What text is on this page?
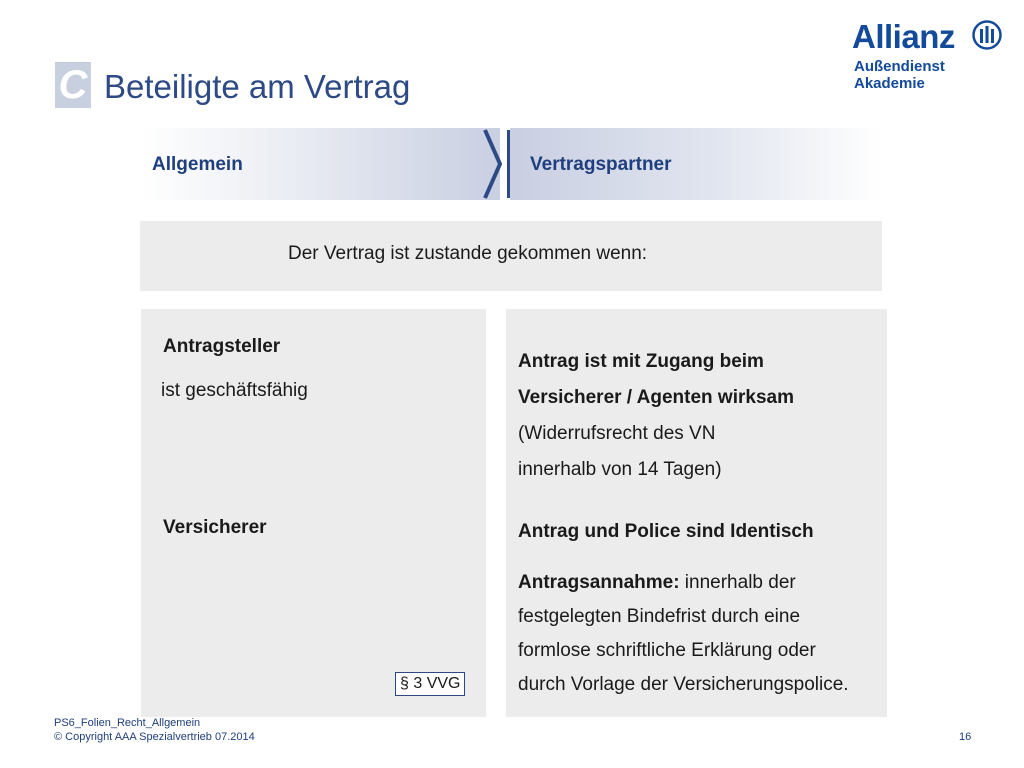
C Beteiligte am Vertrag
Allianz
Außendienst Akademie
Allgemein	Vertragspartner
Der Vertrag ist zustande gekommen wenn:
Antragsteller
ist geschäftsfähig
Versicherer
§ 3 VVG
Antrag ist mit Zugang beim
Versicherer / Agenten wirksam
(Widerrufsrecht des VN
innerhalb von 14 Tagen)
Antrag und Police sind Identisch
Antragsannahme: innerhalb der
festgelegten Bindefrist durch eine
formlose schriftliche Erklärung oder
durch Vorlage der Versicherungspolice.
PS6_Folien_Recht_Allgemein
© Copyright AAA Spezialvertrieb 07.2014	16
